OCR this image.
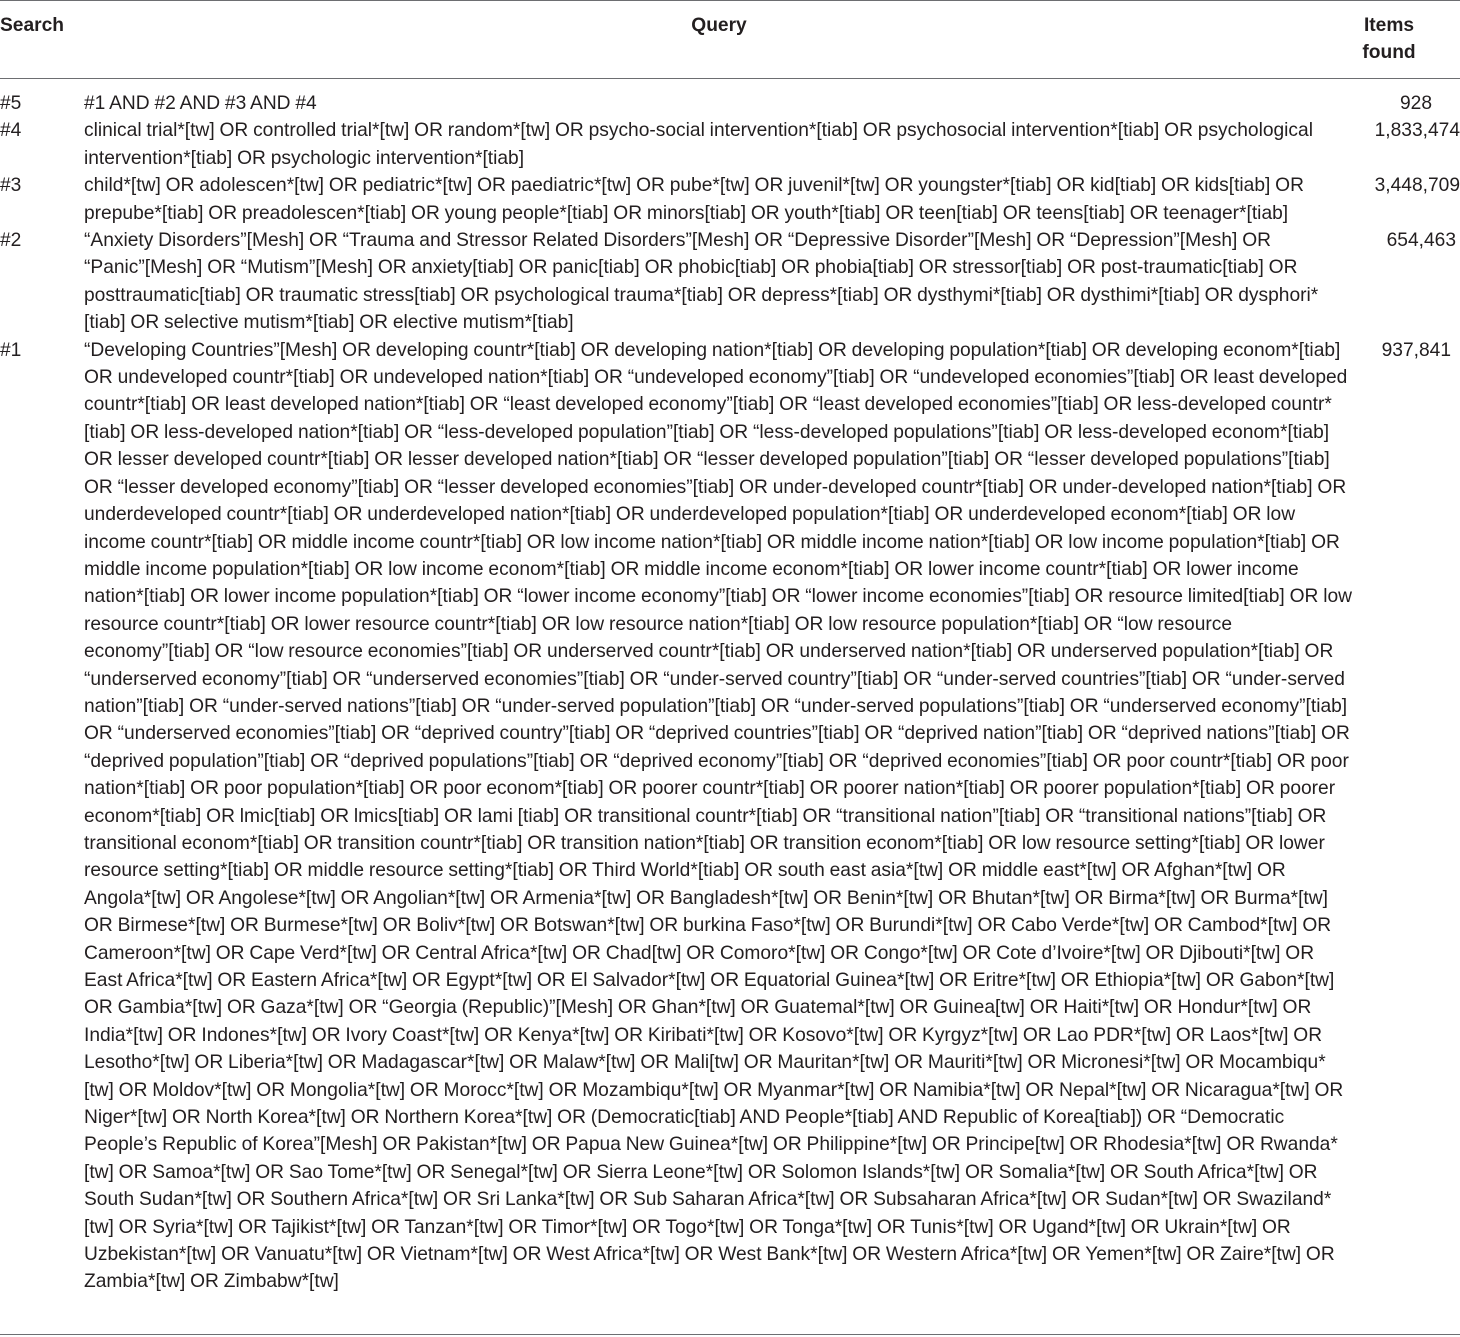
Search	Query	Items
found
#5	#1 AND #2 AND #3 AND #4	928
#4	clinical trial*[tw] OR controlled trial*[tw] OR random*[tw] OR psycho-social intervention*[tiab] OR psychosocial intervention*[tiab] OR psychological intervention*[tiab] OR psychologic intervention*[tiab]
1,833,474
#3	child*[tw] OR adolescen*[tw] OR pediatric*[tw] OR paediatric*[tw] OR pube*[tw] OR juvenil*[tw] OR youngster*[tiab] OR kid[tiab] OR kids[tiab] OR prepube*[tiab] OR preadolescen*[tiab] OR young people*[tiab] OR minors[tiab] OR youth*[tiab] OR teen[tiab] OR teens[tiab] OR teenager*[tiab]
3,448,709
#2	“Anxiety Disorders”[Mesh] OR “Trauma and Stressor Related Disorders”[Mesh] OR “Depressive Disorder”[Mesh] OR “Depression”[Mesh] OR “Panic”[Mesh] OR “Mutism”[Mesh] OR anxiety[tiab] OR panic[tiab] OR phobic[tiab] OR phobia[tiab] OR stressor[tiab] OR post-traumatic[tiab] OR posttraumatic[tiab] OR traumatic stress[tiab] OR psychological trauma*[tiab] OR depress*[tiab] OR dysthymi*[tiab] OR dysthimi*[tiab] OR dysphori*[tiab] OR selective mutism*[tiab] OR elective mutism*[tiab]
654,463
#1	“Developing Countries”[Mesh] OR developing countr*[tiab] OR developing nation*[tiab] OR developing population*[tiab] OR developing econom*[tiab] OR undeveloped countr*[tiab] OR undeveloped nation*[tiab] OR “undeveloped economy”[tiab] OR “undeveloped economies”[tiab] OR least developed countr*[tiab] OR least developed nation*[tiab] OR “least developed economy”[tiab] OR “least developed economies”[tiab] OR less-developed countr*[tiab] OR less-developed nation*[tiab] OR “less-developed population”[tiab] OR “less-developed populations”[tiab] OR less-developed econom*[tiab] OR lesser developed countr*[tiab] OR lesser developed nation*[tiab] OR “lesser developed population”[tiab] OR “lesser developed populations”[tiab] OR “lesser developed economy”[tiab] OR “lesser developed economies”[tiab] OR under-developed countr*[tiab] OR under-developed nation*[tiab] OR underdeveloped countr*[tiab] OR underdeveloped nation*[tiab] OR underdeveloped population*[tiab] OR underdeveloped econom*[tiab] OR low income countr*[tiab] OR middle income countr*[tiab] OR low income nation*[tiab] OR middle income nation*[tiab] OR low income population*[tiab] OR middle income population*[tiab] OR low income econom*[tiab] OR middle income econom*[tiab] OR lower income countr*[tiab] OR lower income nation*[tiab] OR lower income population*[tiab] OR “lower income economy”[tiab] OR “lower income economies”[tiab] OR resource limited[tiab] OR low resource countr*[tiab] OR lower resource countr*[tiab] OR low resource nation*[tiab] OR low resource population*[tiab] OR “low resource economy”[tiab] OR “low resource economies”[tiab] OR underserved countr*[tiab] OR underserved nation*[tiab] OR underserved population*[tiab] OR “underserved economy”[tiab] OR “underserved economies”[tiab] OR “under-served country”[tiab] OR “under-served countries”[tiab] OR “under-served nation”[tiab] OR “under-served nations”[tiab] OR “under-served population”[tiab] OR “under-served populations”[tiab] OR “underserved economy”[tiab] OR “underserved economies”[tiab] OR “deprived country”[tiab] OR “deprived countries”[tiab] OR “deprived nation”[tiab] OR “deprived nations”[tiab] OR “deprived population”[tiab] OR “deprived populations”[tiab] OR “deprived economy”[tiab] OR “deprived economies”[tiab] OR poor countr*[tiab] OR poor nation*[tiab] OR poor population*[tiab] OR poor econom*[tiab] OR poorer countr*[tiab] OR poorer nation*[tiab] OR poorer population*[tiab] OR poorer econom*[tiab] OR lmic[tiab] OR lmics[tiab] OR lami [tiab] OR transitional countr*[tiab] OR “transitional nation”[tiab] OR “transitional nations”[tiab] OR transitional econom*[tiab] OR transition countr*[tiab] OR transition nation*[tiab] OR transition econom*[tiab] OR low resource setting*[tiab] OR lower resource setting*[tiab] OR middle resource setting*[tiab] OR Third World*[tiab] OR south east asia*[tw] OR middle east*[tw] OR Afghan*[tw] OR Angola*[tw] OR Angolese*[tw] OR Angolian*[tw] OR Armenia*[tw] OR Bangladesh*[tw] OR Benin*[tw] OR Bhutan*[tw] OR Birma*[tw] OR Burma*[tw] OR Birmese*[tw] OR Burmese*[tw] OR Boliv*[tw] OR Botswan*[tw] OR burkina Faso*[tw] OR Burundi*[tw] OR Cabo Verde*[tw] OR Cambod*[tw] OR Cameroon*[tw] OR Cape Verd*[tw] OR Central Africa*[tw] OR Chad[tw] OR Comoro*[tw] OR Congo*[tw] OR Cote d’Ivoire*[tw] OR Djibouti*[tw] OR East Africa*[tw] OR Eastern Africa*[tw] OR Egypt*[tw] OR El Salvador*[tw] OR Equatorial Guinea*[tw] OR Eritre*[tw] OR Ethiopia*[tw] OR Gabon*[tw] OR Gambia*[tw] OR Gaza*[tw] OR “Georgia (Republic)”[Mesh] OR Ghan*[tw] OR Guatemal*[tw] OR Guinea[tw] OR Haiti*[tw] OR Hondur*[tw] OR India*[tw] OR Indones*[tw] OR Ivory Coast*[tw] OR Kenya*[tw] OR Kiribati*[tw] OR Kosovo*[tw] OR Kyrgyz*[tw] OR Lao PDR*[tw] OR Laos*[tw] OR Lesotho*[tw] OR Liberia*[tw] OR Madagascar*[tw] OR Malaw*[tw] OR Mali[tw] OR Mauritan*[tw] OR Mauriti*[tw] OR Micronesi*[tw] OR Mocambiqu*[tw] OR Moldov*[tw] OR Mongolia*[tw] OR Morocc*[tw] OR Mozambiqu*[tw] OR Myanmar*[tw] OR Namibia*[tw] OR Nepal*[tw] OR Nicaragua*[tw] OR Niger*[tw] OR North Korea*[tw] OR Northern Korea*[tw] OR (Democratic[tiab] AND People*[tiab] AND Republic of Korea[tiab]) OR “Democratic People’s Republic of Korea”[Mesh] OR Pakistan*[tw] OR Papua New Guinea*[tw] OR Philippine*[tw] OR Principe[tw] OR Rhodesia*[tw] OR Rwanda*[tw] OR Samoa*[tw] OR Sao Tome*[tw] OR Senegal*[tw] OR Sierra Leone*[tw] OR Solomon Islands*[tw] OR Somalia*[tw] OR South Africa*[tw] OR South Sudan*[tw] OR Southern Africa*[tw] OR Sri Lanka*[tw] OR Sub Saharan Africa*[tw] OR Subsaharan Africa*[tw] OR Sudan*[tw] OR Swaziland*[tw] OR Syria*[tw] OR Tajikist*[tw] OR Tanzan*[tw] OR Timor*[tw] OR Togo*[tw] OR Tonga*[tw] OR Tunis*[tw] OR Ugand*[tw] OR Ukrain*[tw] OR Uzbekistan*[tw] OR Vanuatu*[tw] OR Vietnam*[tw] OR West Africa*[tw] OR West Bank*[tw] OR Western Africa*[tw] OR Yemen*[tw] OR Zaire*[tw] OR Zambia*[tw] OR Zimbabw*[tw]
937,841
